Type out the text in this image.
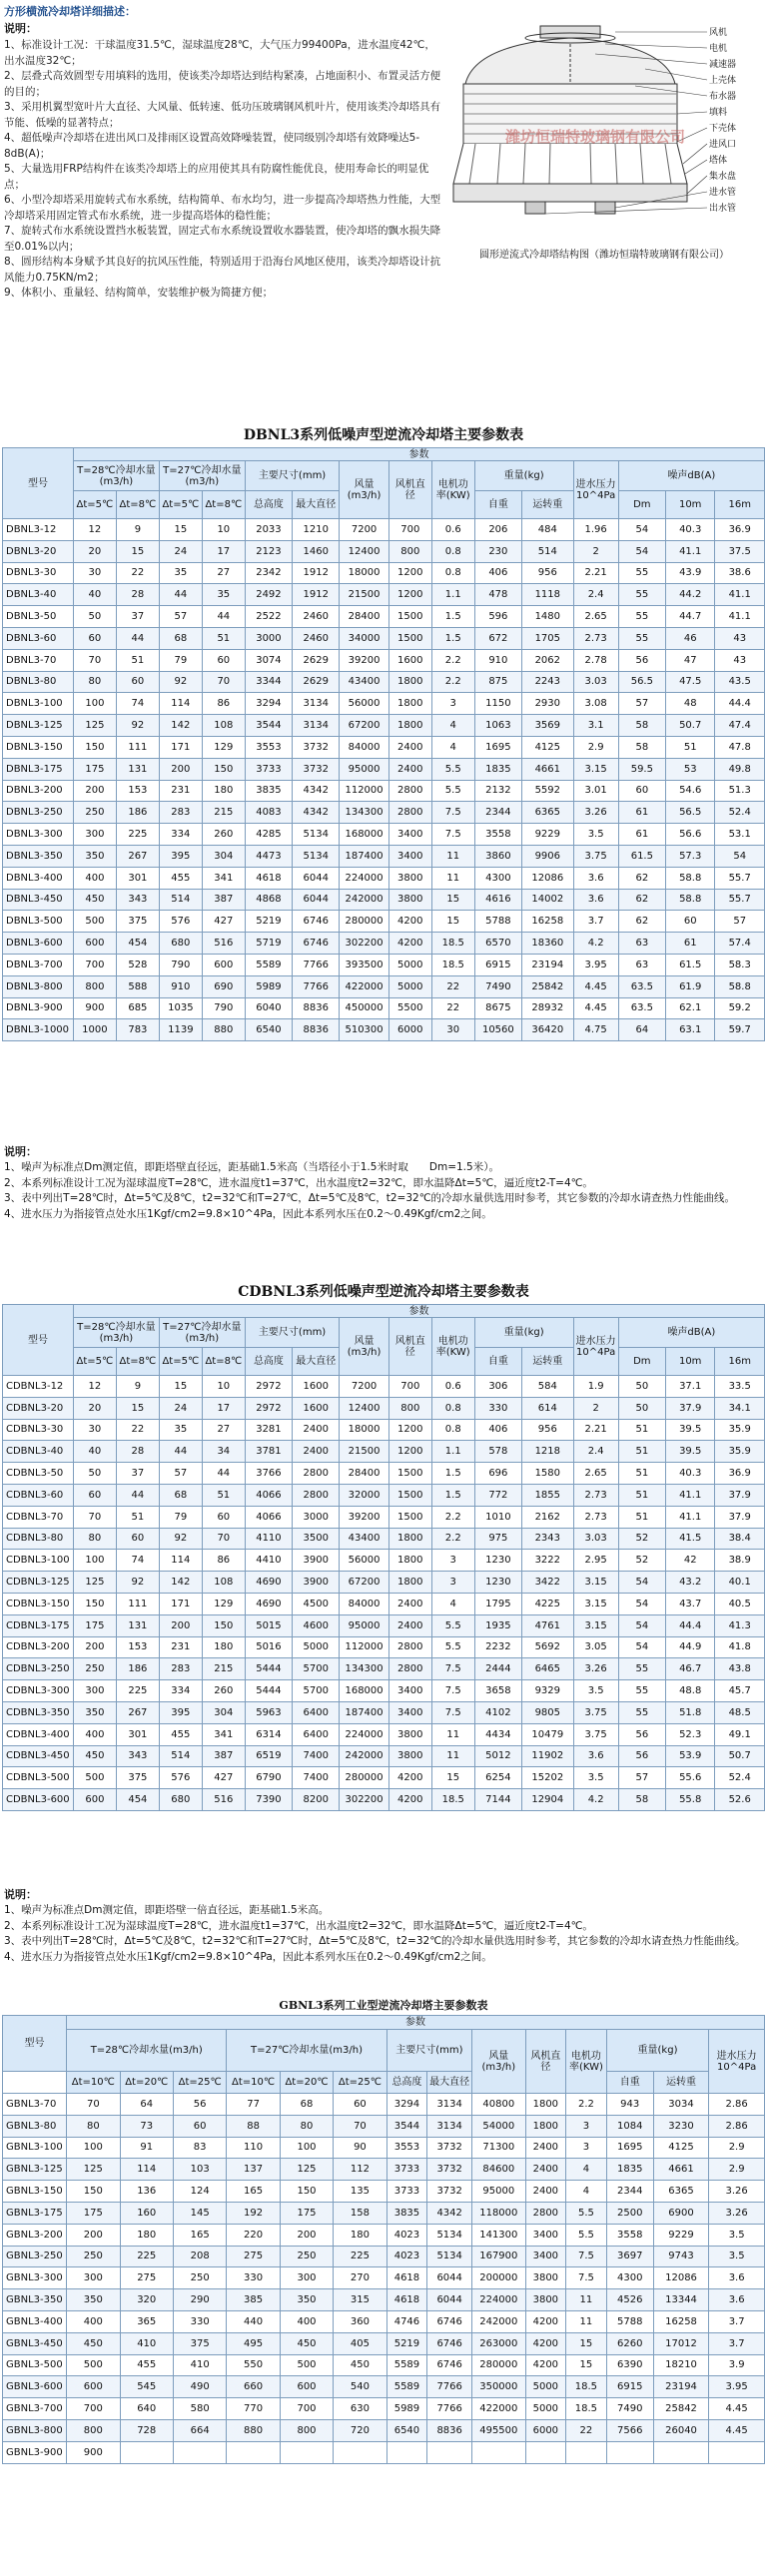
方形横流冷却塔详细描述：
说明：

1、标准设计工况：干球温度31.5℃，湿球温度28℃，大气压力99400Pa，进水温度42℃，出水温度32℃；

2、层叠式高效圆型专用填料的选用，使该类冷却塔达到结构紧凑，占地面积小、布置灵活方便的目的；

3、采用机翼型宽叶片大直径、大风量、低转速、低功压玻璃钢风机叶片，使用该类冷却塔具有节能、低噪的显著特点；

4、超低噪声冷却塔在进出风口及排雨区设置高效降噪装置，使同级别冷却塔有效降噪达5-8dB(A)；

5、大量选用FRP结构件在该类冷却塔上的应用使其具有防腐性能优良，使用寿命长的明显优点；

6、小型冷却塔采用旋转式布水系统，结构简单、布水均匀，进一步提高冷却塔热力性能，大型冷却塔采用固定管式布水系统，进一步提高塔体的稳性能；

7、旋转式布水系统设置挡水板装置，固定式布水系统设置收水器装置，使冷却塔的飘水损失降至0.01%以内；

8、圆形结构本身赋予其良好的抗风压性能，特别适用于沿海台风地区使用，该类冷却塔设计抗风能力0.75KN/m2；

9、体积小、重量轻、结构简单，安装维护极为简捷方便；

潍坊恒瑞特玻璃钢有限公司
风机
电机
减速器
上壳体
布水器
填料
下壳体
进风口
塔体
集水盘
进水管
出水管
圆形逆流式冷却塔结构图（潍坊恒瑞特玻璃钢有限公司）
DBNL3系列低噪声型逆流冷却塔主要参数表
型号	参数														
	T=28℃冷却水量(m3/h)		T=27℃冷却水量(m3/h)		主要尺寸(mm)		风量(m3/h)	风机直径	电机功率(KW)	重量(kg)		进水压力10^4Pa	噪声dB(A)		
	Δt=5℃	Δt=8℃	Δt=5℃	Δt=8℃	总高度	最大直径				自重	运转重		Dm	10m	16m
DBNL3-12	12	9	15	10	2033	1210	7200	700	0.6	206	484	1.96	54	40.3	36.9
DBNL3-20	20	15	24	17	2123	1460	12400	800	0.8	230	514	2	54	41.1	37.5
DBNL3-30	30	22	35	27	2342	1912	18000	1200	0.8	406	956	2.21	55	43.9	38.6
DBNL3-40	40	28	44	35	2492	1912	21500	1200	1.1	478	1118	2.4	55	44.2	41.1
DBNL3-50	50	37	57	44	2522	2460	28400	1500	1.5	596	1480	2.65	55	44.7	41.1
DBNL3-60	60	44	68	51	3000	2460	34000	1500	1.5	672	1705	2.73	55	46	43
DBNL3-70	70	51	79	60	3074	2629	39200	1600	2.2	910	2062	2.78	56	47	43
DBNL3-80	80	60	92	70	3344	2629	43400	1800	2.2	875	2243	3.03	56.5	47.5	43.5
DBNL3-100	100	74	114	86	3294	3134	56000	1800	3	1150	2930	3.08	57	48	44.4
DBNL3-125	125	92	142	108	3544	3134	67200	1800	4	1063	3569	3.1	58	50.7	47.4
DBNL3-150	150	111	171	129	3553	3732	84000	2400	4	1695	4125	2.9	58	51	47.8
DBNL3-175	175	131	200	150	3733	3732	95000	2400	5.5	1835	4661	3.15	59.5	53	49.8
DBNL3-200	200	153	231	180	3835	4342	112000	2800	5.5	2132	5592	3.01	60	54.6	51.3
DBNL3-250	250	186	283	215	4083	4342	134300	2800	7.5	2344	6365	3.26	61	56.5	52.4
DBNL3-300	300	225	334	260	4285	5134	168000	3400	7.5	3558	9229	3.5	61	56.6	53.1
DBNL3-350	350	267	395	304	4473	5134	187400	3400	11	3860	9906	3.75	61.5	57.3	54
DBNL3-400	400	301	455	341	4618	6044	224000	3800	11	4300	12086	3.6	62	58.8	55.7
DBNL3-450	450	343	514	387	4868	6044	242000	3800	15	4616	14002	3.6	62	58.8	55.7
DBNL3-500	500	375	576	427	5219	6746	280000	4200	15	5788	16258	3.7	62	60	57
DBNL3-600	600	454	680	516	5719	6746	302200	4200	18.5	6570	18360	4.2	63	61	57.4
DBNL3-700	700	528	790	600	5589	7766	393500	5000	18.5	6915	23194	3.95	63	61.5	58.3
DBNL3-800	800	588	910	690	5989	7766	422000	5000	22	7490	25842	4.45	63.5	61.9	58.8
DBNL3-900	900	685	1035	790	6040	8836	450000	5500	22	8675	28932	4.45	63.5	62.1	59.2
DBNL3-1000	1000	783	1139	880	6540	8836	510300	6000	30	10560	36420	4.75	64	63.1	59.7

说明：

1、噪声为标准点Dm测定值，即距塔壁直径远，距基础1.5米高（当塔径小于1.5米时取　　Dm=1.5米）。

2、本系列标准设计工况为湿球温度T=28℃，进水温度t1=37℃，出水温度t2=32℃，即水温降Δt=5℃，逼近度t2-T=4℃。

3、表中列出T=28℃时，Δt=5℃及8℃，t2=32℃和T=27℃，Δt=5℃及8℃，t2=32℃的冷却水量供选用时参考，其它参数的冷却水请查热力性能曲线。

4、进水压力为指接管点处水压1Kgf/cm2=9.8×10^4Pa，因此本系列水压在0.2～0.49Kgf/cm2之间。

CDBNL3系列低噪声型逆流冷却塔主要参数表
型号	参数														
	T=28℃冷却水量(m3/h)		T=27℃冷却水量(m3/h)		主要尺寸(mm)		风量(m3/h)	风机直径	电机功率(KW)	重量(kg)		进水压力10^4Pa	噪声dB(A)		
	Δt=5℃	Δt=8℃	Δt=5℃	Δt=8℃	总高度	最大直径				自重	运转重		Dm	10m	16m
CDBNL3-12	12	9	15	10	2972	1600	7200	700	0.6	306	584	1.9	50	37.1	33.5
CDBNL3-20	20	15	24	17	2972	1600	12400	800	0.8	330	614	2	50	37.9	34.1
CDBNL3-30	30	22	35	27	3281	2400	18000	1200	0.8	406	956	2.21	51	39.5	35.9
CDBNL3-40	40	28	44	34	3781	2400	21500	1200	1.1	578	1218	2.4	51	39.5	35.9
CDBNL3-50	50	37	57	44	3766	2800	28400	1500	1.5	696	1580	2.65	51	40.3	36.9
CDBNL3-60	60	44	68	51	4066	2800	32000	1500	1.5	772	1855	2.73	51	41.1	37.9
CDBNL3-70	70	51	79	60	4066	3000	39200	1500	2.2	1010	2162	2.73	51	41.1	37.9
CDBNL3-80	80	60	92	70	4110	3500	43400	1800	2.2	975	2343	3.03	52	41.5	38.4
CDBNL3-100	100	74	114	86	4410	3900	56000	1800	3	1230	3222	2.95	52	42	38.9
CDBNL3-125	125	92	142	108	4690	3900	67200	1800	3	1230	3422	3.15	54	43.2	40.1
CDBNL3-150	150	111	171	129	4690	4500	84000	2400	4	1795	4225	3.15	54	43.7	40.5
CDBNL3-175	175	131	200	150	5015	4600	95000	2400	5.5	1935	4761	3.15	54	44.4	41.3
CDBNL3-200	200	153	231	180	5016	5000	112000	2800	5.5	2232	5692	3.05	54	44.9	41.8
CDBNL3-250	250	186	283	215	5444	5700	134300	2800	7.5	2444	6465	3.26	55	46.7	43.8
CDBNL3-300	300	225	334	260	5444	5700	168000	3400	7.5	3658	9329	3.5	55	48.8	45.7
CDBNL3-350	350	267	395	304	5963	6400	187400	3400	7.5	4102	9805	3.75	55	51.8	48.5
CDBNL3-400	400	301	455	341	6314	6400	224000	3800	11	4434	10479	3.75	56	52.3	49.1
CDBNL3-450	450	343	514	387	6519	7400	242000	3800	11	5012	11902	3.6	56	53.9	50.7
CDBNL3-500	500	375	576	427	6790	7400	280000	4200	15	6254	15202	3.5	57	55.6	52.4
CDBNL3-600	600	454	680	516	7390	8200	302200	4200	18.5	7144	12904	4.2	58	55.8	52.6

说明：

1、噪声为标准点Dm测定值，即距塔壁一倍直径远，距基础1.5米高。

2、本系列标准设计工况为湿球温度T=28℃，进水温度t1=37℃，出水温度t2=32℃，即水温降Δt=5℃，逼近度t2-T=4℃。

3、表中列出T=28℃时，Δt=5℃及8℃，t2=32℃和T=27℃时，Δt=5℃及8℃，t2=32℃的冷却水量供选用时参考，其它参数的冷却水请查热力性能曲线。

4、进水压力为指接管点处水压1Kgf/cm2=9.8×10^4Pa，因此本系列水压在0.2～0.49Kgf/cm2之间。

GBNL3系列工业型逆流冷却塔主要参数表
型号	参数													
	T=28℃冷却水量(m3/h)			T=27℃冷却水量(m3/h)			主要尺寸(mm)		风量(m3/h)	风机直径	电机功率(KW)	重量(kg)		进水压力10^4Pa
	Δt=10℃	Δt=20℃	Δt=25℃	Δt=10℃	Δt=20℃	Δt=25℃	总高度	最大直径				自重	运转重	
GBNL3-70	70	64	56	77	68	60	3294	3134	40800	1800	2.2	943	3034	2.86
GBNL3-80	80	73	60	88	80	70	3544	3134	54000	1800	3	1084	3230	2.86
GBNL3-100	100	91	83	110	100	90	3553	3732	71300	2400	3	1695	4125	2.9
GBNL3-125	125	114	103	137	125	112	3733	3732	84600	2400	4	1835	4661	2.9
GBNL3-150	150	136	124	165	150	135	3733	3732	95000	2400	4	2344	6365	3.26
GBNL3-175	175	160	145	192	175	158	3835	4342	118000	2800	5.5	2500	6900	3.26
GBNL3-200	200	180	165	220	200	180	4023	5134	141300	3400	5.5	3558	9229	3.5
GBNL3-250	250	225	208	275	250	225	4023	5134	167900	3400	7.5	3697	9743	3.5
GBNL3-300	300	275	250	330	300	270	4618	6044	200000	3800	7.5	4300	12086	3.6
GBNL3-350	350	320	290	385	350	315	4618	6044	224000	3800	11	4526	13344	3.6
GBNL3-400	400	365	330	440	400	360	4746	6746	242000	4200	11	5788	16258	3.7
GBNL3-450	450	410	375	495	450	405	5219	6746	263000	4200	15	6260	17012	3.7
GBNL3-500	500	455	410	550	500	450	5589	6746	280000	4200	15	6390	18210	3.9
GBNL3-600	600	545	490	660	600	540	5589	7766	350000	5000	18.5	6915	23194	3.95
GBNL3-700	700	640	580	770	700	630	5989	7766	422000	5000	18.5	7490	25842	4.45
GBNL3-800	800	728	664	880	800	720	6540	8836	495500	6000	22	7566	26040	4.45
GBNL3-900	900													
